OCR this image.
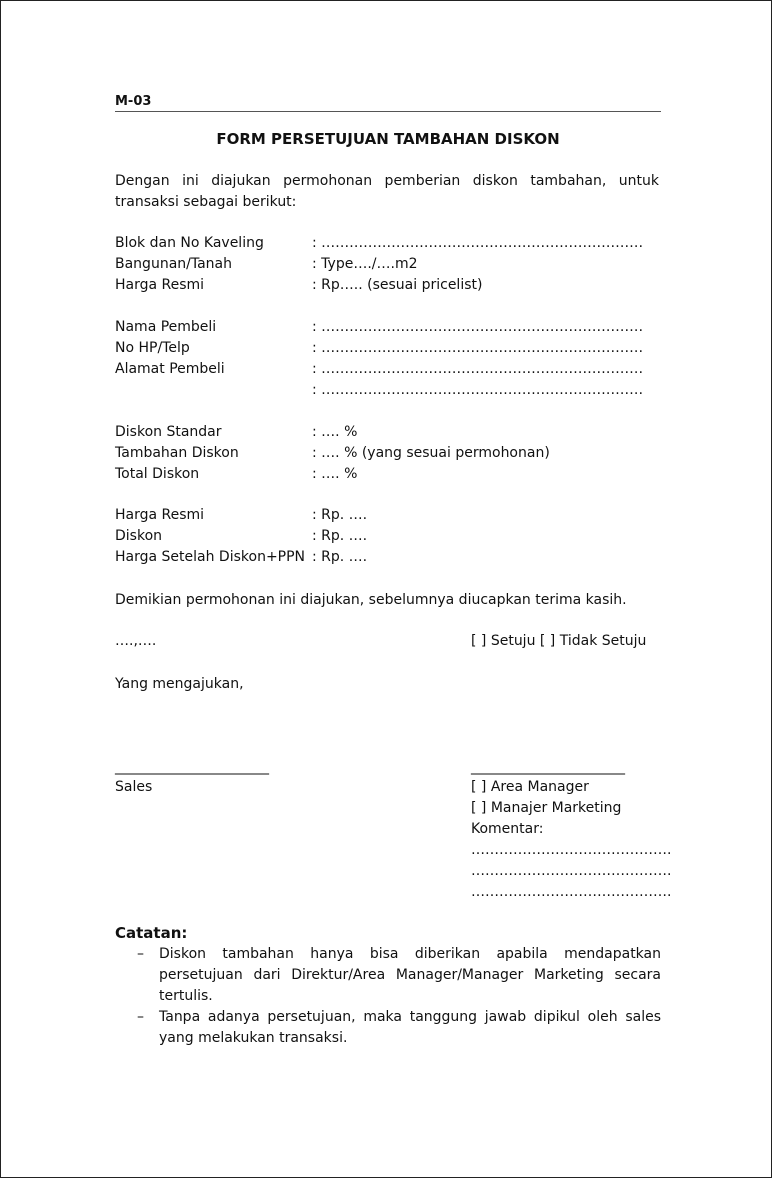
M-03
FORM PERSETUJUAN TAMBAHAN DISKON
Dengan ini diajukan permohonan pemberian diskon tambahan, untuk transaksi sebagai berikut:
Blok dan No Kaveling	: ……………………………………………………………
Bangunan/Tanah	: Type…./….m2
Harga Resmi	: Rp….. (sesuai pricelist)
Nama Pembeli	: ……………………………………………………………
No HP/Telp	: ……………………………………………………………
Alamat Pembeli	: ……………………………………………………………
: ……………………………………………………………
Diskon Standar	: …. %
Tambahan Diskon	: …. % (yang sesuai permohonan)
Total Diskon	: …. %
Harga Resmi	: Rp. ….
Diskon	: Rp. ….
Harga Setelah Diskon+PPN : Rp. ….
Demikian permohonan ini diajukan, sebelumnya diucapkan terima kasih.
….,….	[ ] Setuju [ ] Tidak Setuju
Yang mengajukan,
______________________	______________________
Sales	[ ] Area Manager
[ ] Manajer Marketing
Komentar:
…………………………………….
…………………………………….
…………………………………….
Catatan:
– Diskon tambahan hanya bisa diberikan apabila mendapatkan persetujuan dari Direktur/Area Manager/Manager Marketing secara tertulis.
– Tanpa adanya persetujuan, maka tanggung jawab dipikul oleh sales yang melakukan transaksi.
